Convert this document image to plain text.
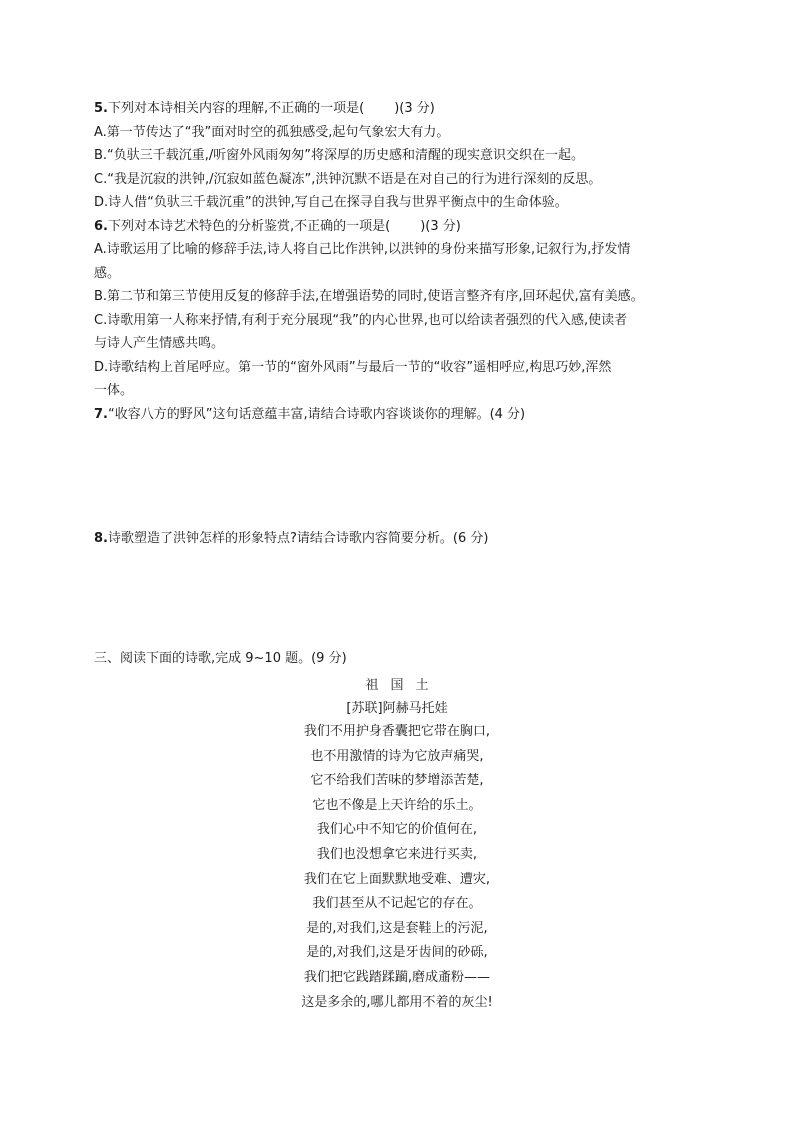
5.下列对本诗相关内容的理解,不正确的一项是( )(3 分)
A.第一节传达了“我”面对时空的孤独感受,起句气象宏大有力。
B.“负驮三千载沉重,/听窗外风雨匆匆”将深厚的历史感和清醒的现实意识交织在一起。
C.“我是沉寂的洪钟,/沉寂如蓝色凝冻”,洪钟沉默不语是在对自己的行为进行深刻的反思。
D.诗人借“负驮三千载沉重”的洪钟,写自己在探寻自我与世界平衡点中的生命体验。
6.下列对本诗艺术特色的分析鉴赏,不正确的一项是( )(3 分)
A.诗歌运用了比喻的修辞手法,诗人将自己比作洪钟,以洪钟的身份来描写形象,记叙行为,抒发情
感。
B.第二节和第三节使用反复的修辞手法,在增强语势的同时,使语言整齐有序,回环起伏,富有美感。
C.诗歌用第一人称来抒情,有利于充分展现“我”的内心世界,也可以给读者强烈的代入感,使读者
与诗人产生情感共鸣。
D.诗歌结构上首尾呼应。第一节的“窗外风雨”与最后一节的“收容”遥相呼应,构思巧妙,浑然
一体。
7.“收容八方的野风”这句话意蕴丰富,请结合诗歌内容谈谈你的理解。(4 分)
8.诗歌塑造了洪钟怎样的形象特点?请结合诗歌内容简要分析。(6 分)
三、阅读下面的诗歌,完成 9~10 题。(9 分)
祖国土
[苏联]阿赫马托娃
我们不用护身香囊把它带在胸口,
也不用激情的诗为它放声痛哭,
它不给我们苦味的梦增添苦楚,
它也不像是上天许给的乐土。
我们心中不知它的价值何在,
我们也没想拿它来进行买卖,
我们在它上面默默地受难、遭灾,
我们甚至从不记起它的存在。
是的,对我们,这是套鞋上的污泥,
是的,对我们,这是牙齿间的砂砾,
我们把它践踏蹂躏,磨成齑粉——
这是多余的,哪儿都用不着的灰尘!
